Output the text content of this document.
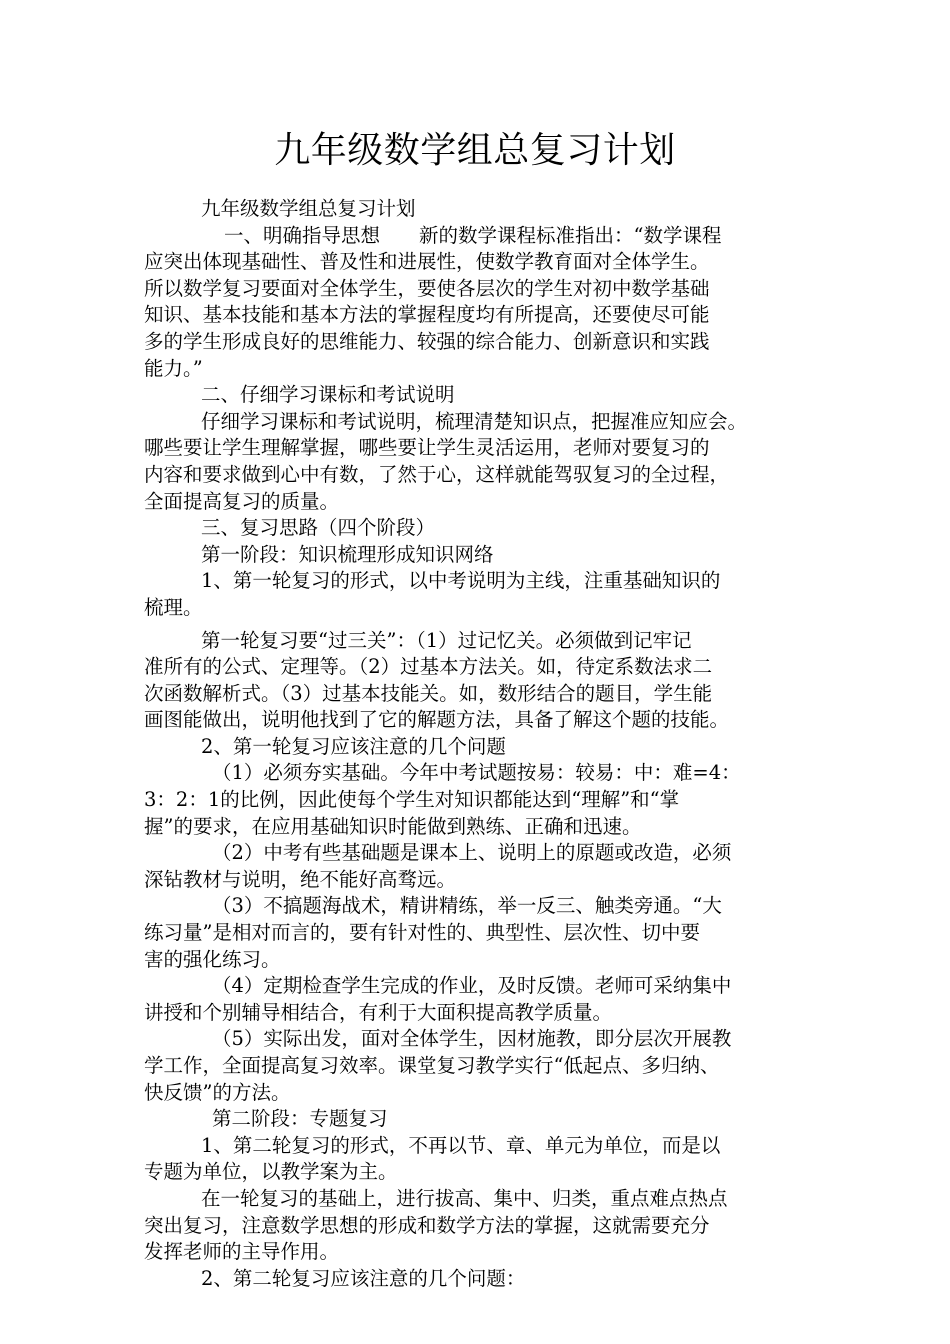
九年级数学组总复习计划
九年级数学组总复习计划
一、明确指导思想　　新的数学课程标准指出：“数学课程
应突出体现基础性、普及性和进展性，使数学教育面对全体学生。
所以数学复习要面对全体学生，要使各层次的学生对初中数学基础
知识、基本技能和基本方法的掌握程度均有所提高，还要使尽可能
多的学生形成良好的思维能力、较强的综合能力、创新意识和实践
能力。”
二、仔细学习课标和考试说明
仔细学习课标和考试说明，梳理清楚知识点，把握准应知应会。
哪些要让学生理解掌握，哪些要让学生灵活运用，老师对要复习的
内容和要求做到心中有数，了然于心，这样就能驾驭复习的全过程，
全面提高复习的质量。
三、复习思路（四个阶段）
第一阶段：知识梳理形成知识网络
1、第一轮复习的形式，以中考说明为主线，注重基础知识的
梳理。
第一轮复习要“过三关”：（1）过记忆关。必须做到记牢记
准所有的公式、定理等。（2）过基本方法关。如，待定系数法求二
次函数解析式。（3）过基本技能关。如，数形结合的题目，学生能
画图能做出，说明他找到了它的解题方法，具备了解这个题的技能。
2、第一轮复习应该注意的几个问题
（1）必须夯实基础。今年中考试题按易：较易：中：难=4：
3：2：1的比例，因此使每个学生对知识都能达到“理解”和“掌
握”的要求，在应用基础知识时能做到熟练、正确和迅速。
（2）中考有些基础题是课本上、说明上的原题或改造，必须
深钻教材与说明，绝不能好高骛远。
（3）不搞题海战术，精讲精练，举一反三、触类旁通。“大
练习量”是相对而言的，要有针对性的、典型性、层次性、切中要
害的强化练习。
（4）定期检查学生完成的作业，及时反馈。老师可采纳集中
讲授和个别辅导相结合，有利于大面积提高教学质量。
（5）实际出发，面对全体学生，因材施教，即分层次开展教
学工作，全面提高复习效率。课堂复习教学实行“低起点、多归纳、
快反馈”的方法。
第二阶段：专题复习
1、第二轮复习的形式，不再以节、章、单元为单位，而是以
专题为单位，以教学案为主。
在一轮复习的基础上，进行拔高、集中、归类，重点难点热点
突出复习，注意数学思想的形成和数学方法的掌握，这就需要充分
发挥老师的主导作用。
2、第二轮复习应该注意的几个问题：
